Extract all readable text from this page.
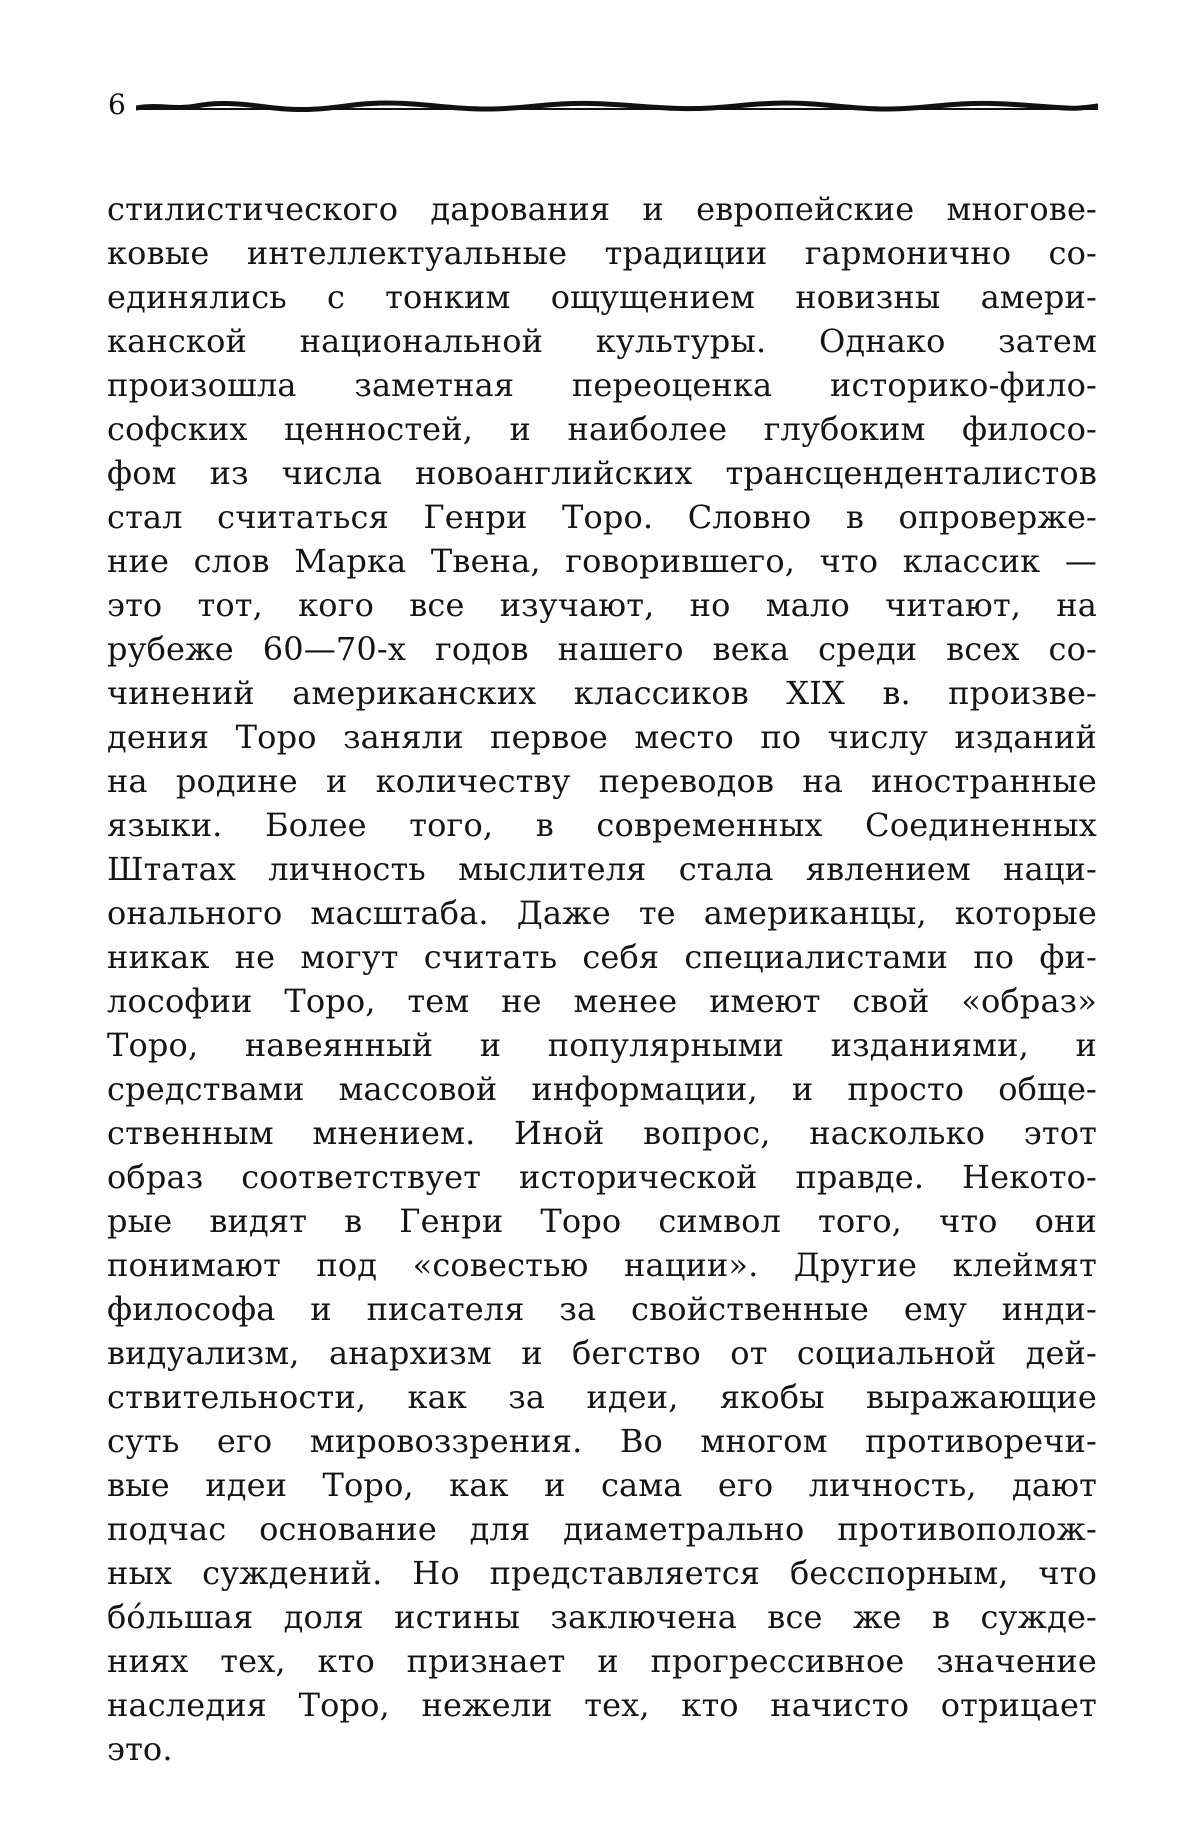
6
стилистического дарования и европейские многове-
ковые интеллектуальные традиции гармонично со-
единялись с тонким ощущением новизны амери-
канской национальной культуры. Однако затем
произошла заметная переоценка историко-фило-
софских ценностей, и наиболее глубоким филосо-
фом из числа новоанглийских трансценденталистов
стал считаться Генри Торо. Словно в опроверже-
ние слов Марка Твена, говорившего, что классик —
это тот, кого все изучают, но мало читают, на
рубеже 60—70-х годов нашего века среди всех со-
чинений американских классиков XIX в. произве-
дения Торо заняли первое место по числу изданий
на родине и количеству переводов на иностранные
языки. Более того, в современных Соединенных
Штатах личность мыслителя стала явлением наци-
онального масштаба. Даже те американцы, которые
никак не могут считать себя специалистами по фи-
лософии Торо, тем не менее имеют свой «образ»
Торо, навеянный и популярными изданиями, и
средствами массовой информации, и просто обще-
ственным мнением. Иной вопрос, насколько этот
образ соответствует исторической правде. Некото-
рые видят в Генри Торо символ того, что они
понимают под «совестью нации». Другие клеймят
философа и писателя за свойственные ему инди-
видуализм, анархизм и бегство от социальной дей-
ствительности, как за идеи, якобы выражающие
суть его мировоззрения. Во многом противоречи-
вые идеи Торо, как и сама его личность, дают
подчас основание для диаметрально противополож-
ных суждений. Но представляется бесспорным, что
бóльшая доля истины заключена все же в сужде-
ниях тех, кто признает и прогрессивное значение
наследия Торо, нежели тех, кто начисто отрицает
это.
